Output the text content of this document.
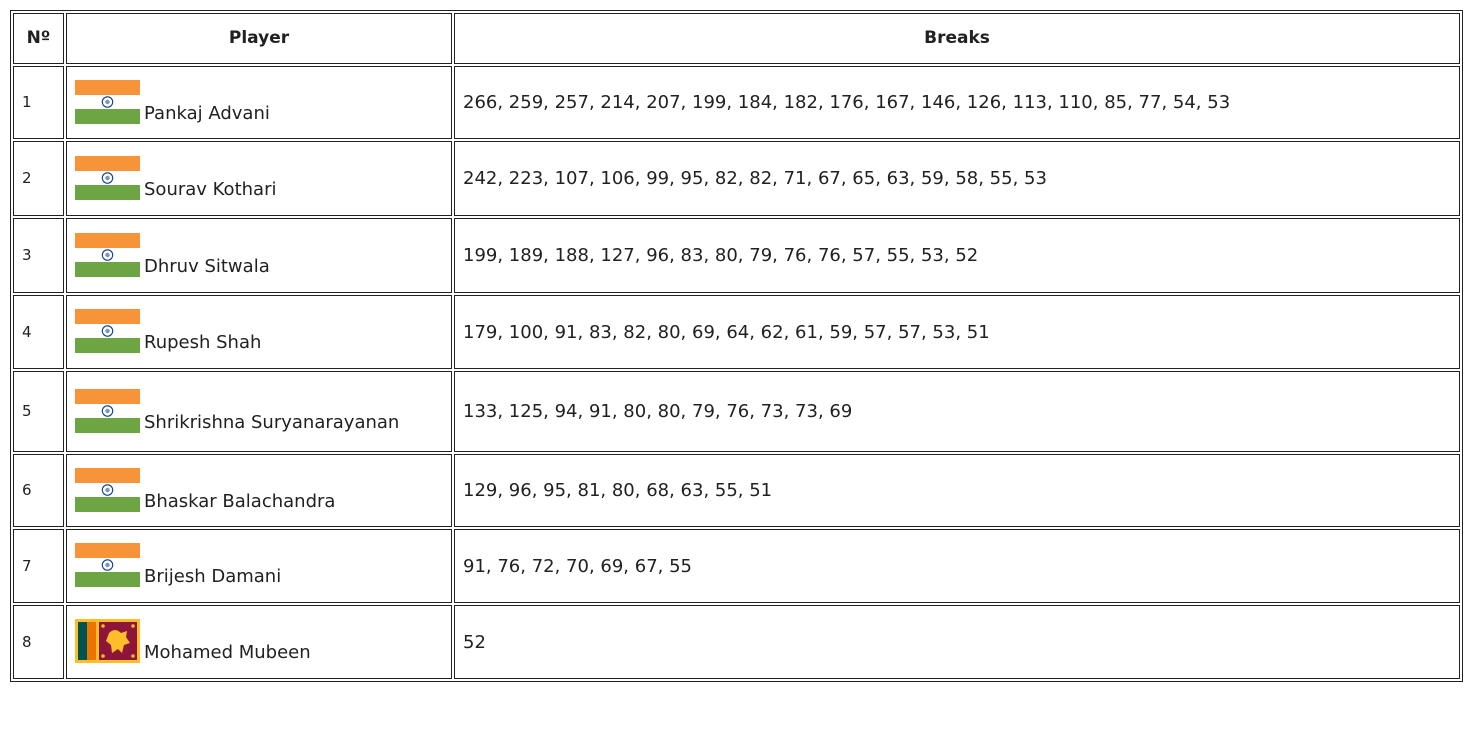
Nº	Player	Breaks
1	Pankaj Advani	266, 259, 257, 214, 207, 199, 184, 182, 176, 167, 146, 126, 113, 110, 85, 77, 54, 53
2	Sourav Kothari	242, 223, 107, 106, 99, 95, 82, 82, 71, 67, 65, 63, 59, 58, 55, 53
3	Dhruv Sitwala	199, 189, 188, 127, 96, 83, 80, 79, 76, 76, 57, 55, 53, 52
4	Rupesh Shah	179, 100, 91, 83, 82, 80, 69, 64, 62, 61, 59, 57, 57, 53, 51
5	Shrikrishna Suryanarayanan	133, 125, 94, 91, 80, 80, 79, 76, 73, 73, 69
6	Bhaskar Balachandra	129, 96, 95, 81, 80, 68, 63, 55, 51
7	Brijesh Damani	91, 76, 72, 70, 69, 67, 55
8	Mohamed Mubeen	52
